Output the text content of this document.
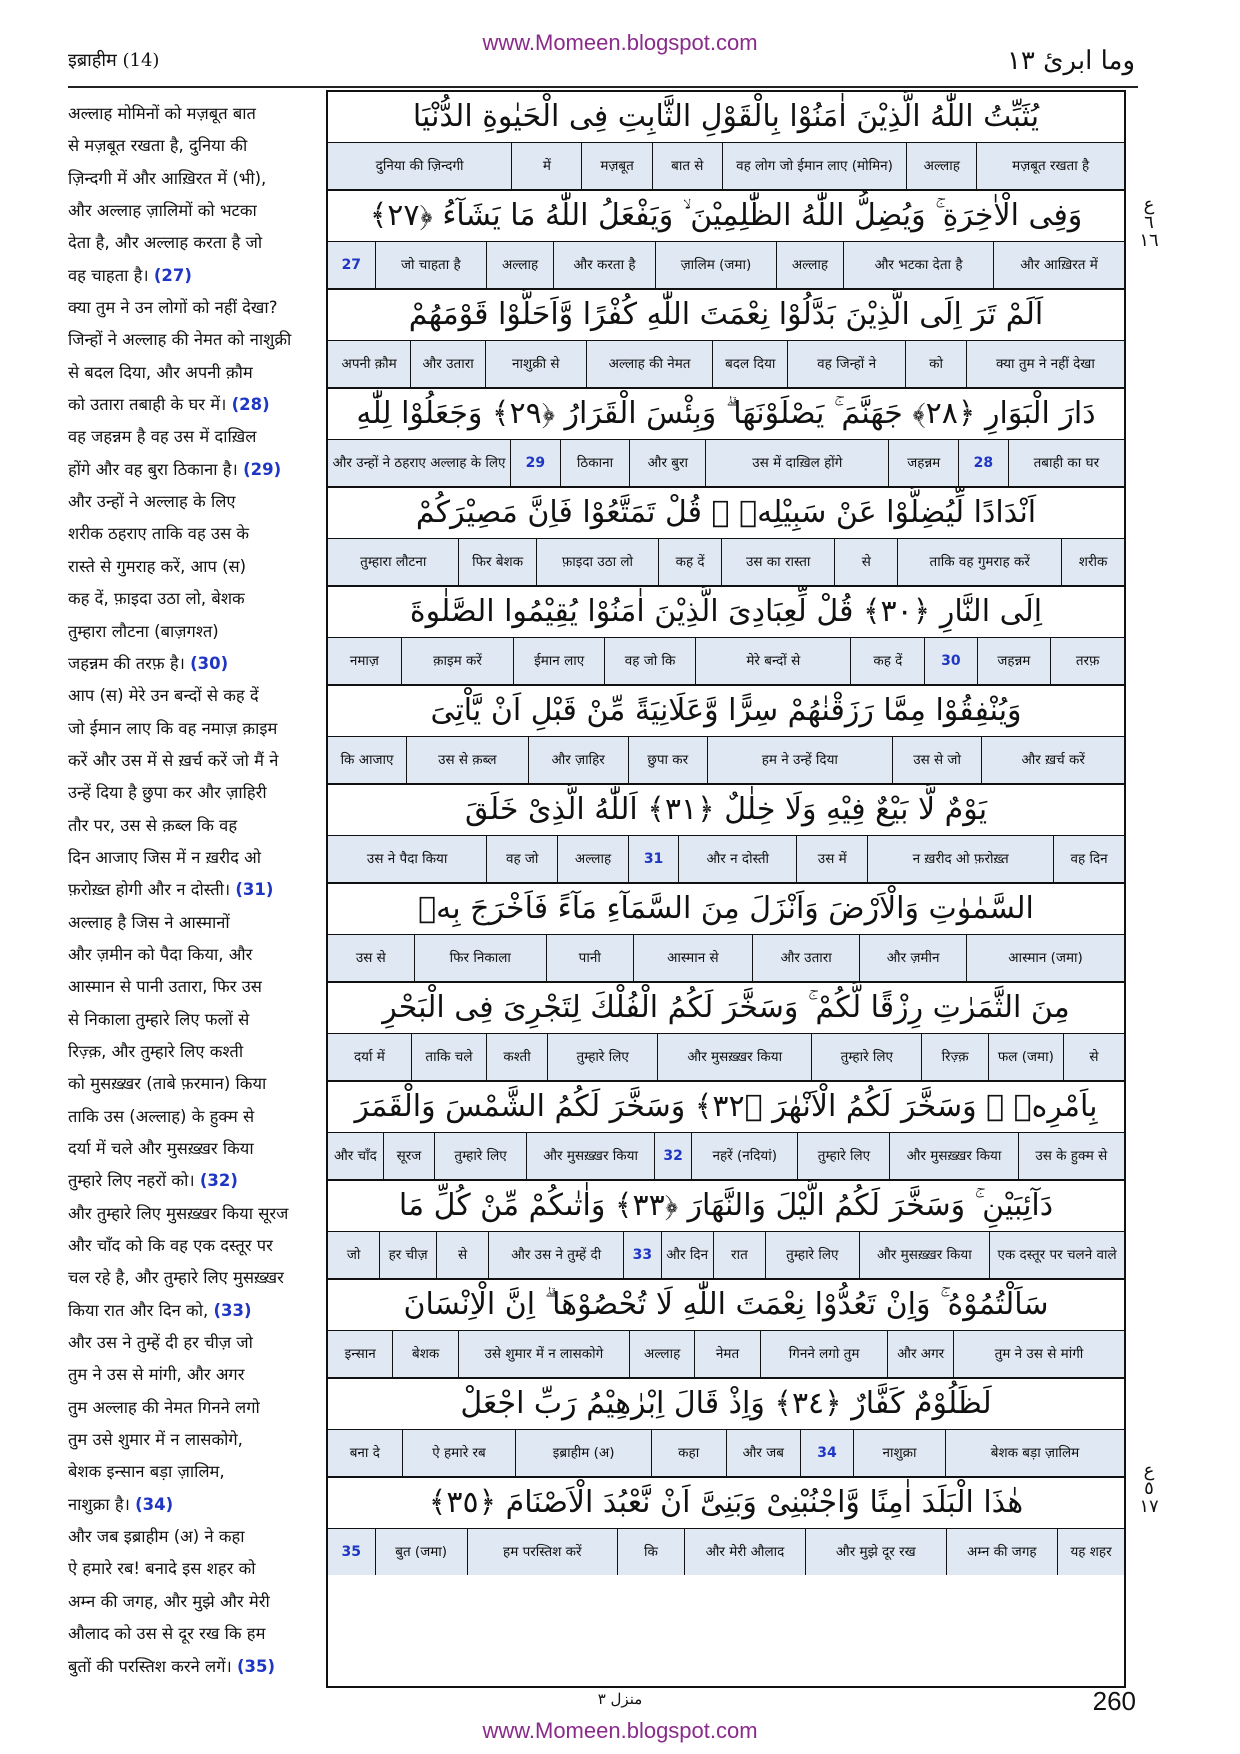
www.Momeen.blogspot.com
इब्राहीम (14)	وما ابرئ ١٣
अल्लाह मोमिनों को मज़बूत बात
से मज़बूत रखता है, दुनिया की
ज़िन्दगी में और आख़िरत में (भी),
और अल्लाह ज़ालिमों को भटका
देता है, और अल्लाह करता है जो
वह चाहता है। (27)
क्या तुम ने उन लोगों को नहीं देखा?
जिन्हों ने अल्लाह की नेमत को नाशुक्री
से बदल दिया, और अपनी क़ौम
को उतारा तबाही के घर में। (28)
वह जहन्नम है वह उस में दाख़िल
होंगे और वह बुरा ठिकाना है। (29)
और उन्हों ने अल्लाह के लिए
शरीक ठहराए ताकि वह उस के
रास्ते से गुमराह करें, आप (स)
कह दें, फ़ाइदा उठा लो, बेशक
तुम्हारा लौटना (बाज़गश्त)
जहन्नम की तरफ़ है। (30)
आप (स) मेरे उन बन्दों से कह दें
जो ईमान लाए कि वह नमाज़ क़ाइम
करें और उस में से ख़र्च करें जो मैं ने
उन्हें दिया है छुपा कर और ज़ाहिरी
तौर पर, उस से क़ब्ल कि वह
दिन आजाए जिस में न ख़रीद ओ
फ़रोख़्त होगी और न दोस्ती। (31)
अल्लाह है जिस ने आस्मानों
और ज़मीन को पैदा किया, और
आस्मान से पानी उतारा, फिर उस
से निकाला तुम्हारे लिए फलों से
रिज़्क़, और तुम्हारे लिए कश्ती
को मुसख़्ख़र (ताबे फ़रमान) किया
ताकि उस (अल्लाह) के हुक्म से
दर्या में चले और मुसख़्ख़र किया
तुम्हारे लिए नहरों को। (32)
और तुम्हारे लिए मुसख़्ख़र किया सूरज
और चाँद को कि वह एक दस्तूर पर
चल रहे है, और तुम्हारे लिए मुसख़्ख़र
किया रात और दिन को, (33)
और उस ने तुम्हें दी हर चीज़ जो
तुम ने उस से मांगी, और अगर
तुम अल्लाह की नेमत गिनने लगो
तुम उसे शुमार में न लासकोगे,
बेशक इन्सान बड़ा ज़ालिम,
नाशुक्रा है। (34)
और जब इब्राहीम (अ) ने कहा
ऐ हमारे रब! बनादे इस शहर को
अम्न की जगह, और मुझे और मेरी
औलाद को उस से दूर रख कि हम
बुतों की परस्तिश करने लगें। (35)
يُثَبِّتُ اللّٰهُ الَّذِيْنَ اٰمَنُوْا بِالْقَوْلِ الثَّابِتِ فِى الْحَيٰوةِ الدُّنْيَا
मज़बूत रखता है
अल्लाह
वह लोग जो ईमान लाए (मोमिन)
बात से
मज़बूत
में
दुनिया की ज़िन्दगी
وَفِى الْاٰخِرَةِ ۚ وَيُضِلُّ اللّٰهُ الظّٰلِمِيْنَ ۙ وَيَفْعَلُ اللّٰهُ مَا يَشَآءُ ﴿٢٧﴾
और आख़िरत में
और भटका देता है
अल्लाह
ज़ालिम (जमा)
और करता है
अल्लाह
जो चाहता है
27
اَلَمْ تَرَ اِلَى الَّذِيْنَ بَدَّلُوْا نِعْمَتَ اللّٰهِ كُفْرًا وَّاَحَلُّوْا قَوْمَهُمْ
क्या तुम ने नहीं देखा
को
वह जिन्हों ने
बदल दिया
अल्लाह की नेमत
नाशुक्री से
और उतारा
अपनी क़ौम
دَارَ الْبَوَارِ ﴿٢٨﴾ جَهَنَّمَ ۚ يَصْلَوْنَهَا ۗ وَبِئْسَ الْقَرَارُ ﴿٢٩﴾ وَجَعَلُوْا لِلّٰهِ
तबाही का घर
28
जहन्नम
उस में दाख़िल होंगे
और बुरा
ठिकाना
29
और उन्हों ने ठहराए अल्लाह के लिए
اَنْدَادًا لِّيُضِلُّوْا عَنْ سَبِيْلِهٖ ۗ قُلْ تَمَتَّعُوْا فَاِنَّ مَصِيْرَكُمْ
शरीक
ताकि वह गुमराह करें
से
उस का रास्ता
कह दें
फ़ाइदा उठा लो
फिर बेशक
तुम्हारा लौटना
اِلَى النَّارِ ﴿٣٠﴾ قُلْ لِّعِبَادِىَ الَّذِيْنَ اٰمَنُوْا يُقِيْمُوا الصَّلٰوةَ
तरफ़
जहन्नम
30
कह दें
मेरे बन्दों से
वह जो कि
ईमान लाए
क़ाइम करें
नमाज़
وَيُنْفِقُوْا مِمَّا رَزَقْنٰهُمْ سِرًّا وَّعَلَانِيَةً مِّنْ قَبْلِ اَنْ يَّاْتِىَ
और ख़र्च करें
उस से जो
हम ने उन्हें दिया
छुपा कर
और ज़ाहिर
उस से क़ब्ल
कि आजाए
يَوْمٌ لَّا بَيْعٌ فِيْهِ وَلَا خِلٰلٌ ﴿٣١﴾ اَللّٰهُ الَّذِىْ خَلَقَ
वह दिन
न ख़रीद ओ फ़रोख़्त
उस में
और न दोस्ती
31
अल्लाह
वह जो
उस ने पैदा किया
السَّمٰوٰتِ وَالْاَرْضَ وَاَنْزَلَ مِنَ السَّمَآءِ مَآءً فَاَخْرَجَ بِهٖ
आस्मान (जमा)
और ज़मीन
और उतारा
आस्मान से
पानी
फिर निकाला
उस से
مِنَ الثَّمَرٰتِ رِزْقًا لَّكُمْ ۚ وَسَخَّرَ لَكُمُ الْفُلْكَ لِتَجْرِىَ فِى الْبَحْرِ
से
फल (जमा)
रिज़्क़
तुम्हारे लिए
और मुसख़्ख़र किया
तुम्हारे लिए
कश्ती
ताकि चले
दर्या में
بِاَمْرِهٖ ۚ وَسَخَّرَ لَكُمُ الْاَنْهٰرَ ﴿٣٢﴾ وَسَخَّرَ لَكُمُ الشَّمْسَ وَالْقَمَرَ
उस के हुक्म से
और मुसख़्ख़र किया
तुम्हारे लिए
नहरें (नदियां)
32
और मुसख़्ख़र किया
तुम्हारे लिए
सूरज
और चाँद
دَآئِبَيْنِ ۚ وَسَخَّرَ لَكُمُ الَّيْلَ وَالنَّهَارَ ﴿٣٣﴾ وَاٰتٰىكُمْ مِّنْ كُلِّ مَا
एक दस्तूर पर चलने वाले
और मुसख़्ख़र किया
तुम्हारे लिए
रात
और दिन
33
और उस ने तुम्हें दी
से
हर चीज़
जो
سَاَلْتُمُوْهُ ۚ وَاِنْ تَعُدُّوْا نِعْمَتَ اللّٰهِ لَا تُحْصُوْهَا ۗ اِنَّ الْاِنْسَانَ
तुम ने उस से मांगी
और अगर
गिनने लगो तुम
नेमत
अल्लाह
उसे शुमार में न लासकोगे
बेशक
इन्सान
لَظَلُوْمٌ كَفَّارٌ ﴿٣٤﴾ وَاِذْ قَالَ اِبْرٰهِيْمُ رَبِّ اجْعَلْ
बेशक बड़ा ज़ालिम
नाशुक्रा
34
और जब
कहा
इब्राहीम (अ)
ऐ हमारे रब
बना दे
هٰذَا الْبَلَدَ اٰمِنًا وَّاجْنُبْنِىْ وَبَنِىَّ اَنْ نَّعْبُدَ الْاَصْنَامَ ﴿٣٥﴾
यह शहर
अम्न की जगह
और मुझे दूर रख
और मेरी औलाद
कि
हम परस्तिश करें
बुत (जमा)
35
ع
٦
١٦
ع
٥
١٧
منزل ٣	260
www.Momeen.blogspot.com
